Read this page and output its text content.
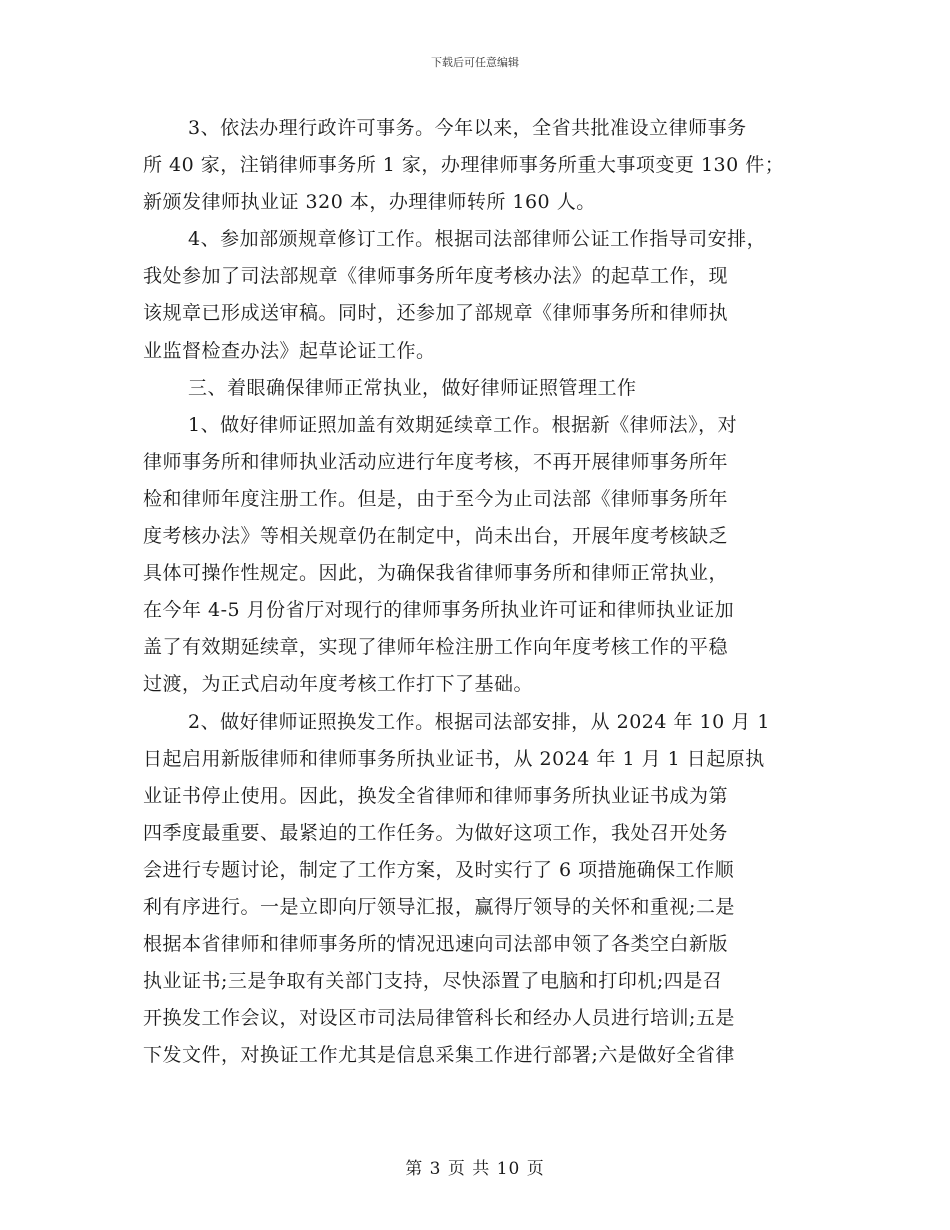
下载后可任意编辑
3、依法办理行政许可事务。今年以来，全省共批准设立律师事务
所 40 家，注销律师事务所 1 家，办理律师事务所重大事项变更 130 件；
新颁发律师执业证 320 本，办理律师转所 160 人。
4、参加部颁规章修订工作。根据司法部律师公证工作指导司安排，
我处参加了司法部规章《律师事务所年度考核办法》的起草工作，现
该规章已形成送审稿。同时，还参加了部规章《律师事务所和律师执
业监督检查办法》起草论证工作。
三、着眼确保律师正常执业，做好律师证照管理工作
1、做好律师证照加盖有效期延续章工作。根据新《律师法》，对
律师事务所和律师执业活动应进行年度考核，不再开展律师事务所年
检和律师年度注册工作。但是，由于至今为止司法部《律师事务所年
度考核办法》等相关规章仍在制定中，尚未出台，开展年度考核缺乏
具体可操作性规定。因此，为确保我省律师事务所和律师正常执业，
在今年 4-5 月份省厅对现行的律师事务所执业许可证和律师执业证加
盖了有效期延续章，实现了律师年检注册工作向年度考核工作的平稳
过渡，为正式启动年度考核工作打下了基础。
2、做好律师证照换发工作。根据司法部安排，从 2024 年 10 月 1
日起启用新版律师和律师事务所执业证书，从 2024 年 1 月 1 日起原执
业证书停止使用。因此，换发全省律师和律师事务所执业证书成为第
四季度最重要、最紧迫的工作任务。为做好这项工作，我处召开处务
会进行专题讨论，制定了工作方案，及时实行了 6 项措施确保工作顺
利有序进行。一是立即向厅领导汇报，赢得厅领导的关怀和重视;二是
根据本省律师和律师事务所的情况迅速向司法部申领了各类空白新版
执业证书;三是争取有关部门支持，尽快添置了电脑和打印机;四是召
开换发工作会议，对设区市司法局律管科长和经办人员进行培训;五是
下发文件，对换证工作尤其是信息采集工作进行部署;六是做好全省律
第 3 页 共 10 页
